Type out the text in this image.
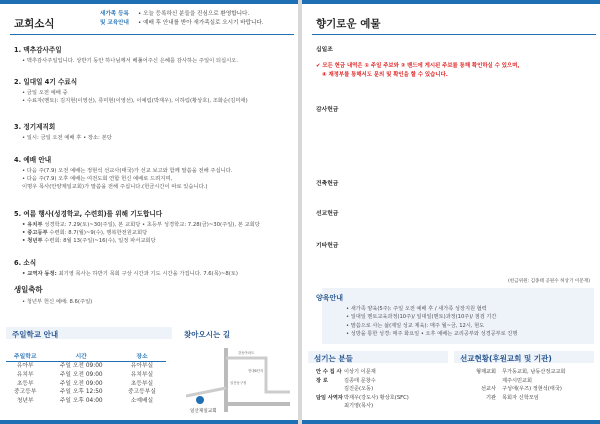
교회소식
새가족 등록	• 오늘 등록하신 분들을 진심으로 환영합니다.
및 교육안내	• 예배 후 안내를 받아 새가족실로 오시기 바랍니다.
1. 맥추감사주일
• 맥추감사주일입니다. 상반기 동안 하나님께서 베풀어주신 은혜를 감사하는 주일이 되십시오.
2. 일대일 4기 수료식
• 금일 오전 예배 중
• 수료자(멘토): 김지현(이영선), 류미현(이영선), 이예림(박재우), 이하림(황상호), 조화순(김미애)
3. 정기제직회
• 일시: 금일 오전 예배 후 • 장소: 본당
4. 예배 안내
• 다음 주(7.9) 오전 예배는 정현석 선교사(태국)가 선교 보고와 함께 말씀을 전해 주십니다.
• 다음 주(7.9) 오후 예배는 여전도회 연합 헌신 예배로 드려지며,
이명우 목사(안양제일교회)가 말씀을 전해 주십니다.(헌금시간이 따로 있습니다.)
5. 여름 행사(성경학교, 수련회)를 위해 기도합니다
• 유치부 성경학교: 7.29(토)~30(주일), 본 교회당 • 초등부 성경학교: 7.28(금)~30(주일), 본 교회당
• 중고등부 수련회: 8.7(월)~9(수), 행복한전원교회당
• 청년부 수련회: 8월 13(주일)~16(수), 일정 파서교회당
6. 소식
• 교역자 동정: 최기영 목사는 하반기 목회 구상 시간과 기도 시간을 가집니다. 7.6(목)~8(토)
생일축하
• 청년부 헌신 예배: 8.6(주일)
주일학교 안내	찾아오시는 길
주일학교	시간	장소
유아부	주일 오전 09:00	유아부실
유치부	주일 오전 09:00	유치부실
초등부	주일 오전 09:00	초등부실
중고등부	주일 오후 12:50	중고등부실
청년부	주일 오후 04:00	소예배실
일산제일교회
강동아파트
현대6단지
일산동구청
향기로운 예물
십일조
✔ 모든 헌금 내역은 ① 주일 주보와 ② 밴드에 게시된 주보를 통해 확인하실 수 있으며,
④ 재정부를 통해서도 문의 및 확인을 할 수 있습니다.
감사헌금
건축헌금
선교헌금
기타헌금
(헌금위원: 김종태 공원수 허상기 이문재)
양육안내
• 새가족 양육(5주): 주일 오전 예배 후 / 새가족 성장지원 협력
• 일대일 멘토교육과정(10주)/ 일대일(멘토)과정(10주)/ 점검 기간
• 말씀으로 사는 삶(제일 성교 제육): 매주 월~금, 12시, 현도
• 성방을 통한 성경: 매주 화요일 • 오후 예배는 교리공부와 성경공부로 진행
섬기는 분들	선교현황(후원교회 및 기관)
안 수 집 사 이상기 이문재
장 로	김종태 문창수
김진준(오동)
담임 사역자 박재우(강도사) 황상호(SFC)
최기영(목사)
형제교회	무가동교회, 남동산정교교회
제주시민교회
선교사	구성애(우즈) 정현석(태국)
기관	목회자 신학모임
